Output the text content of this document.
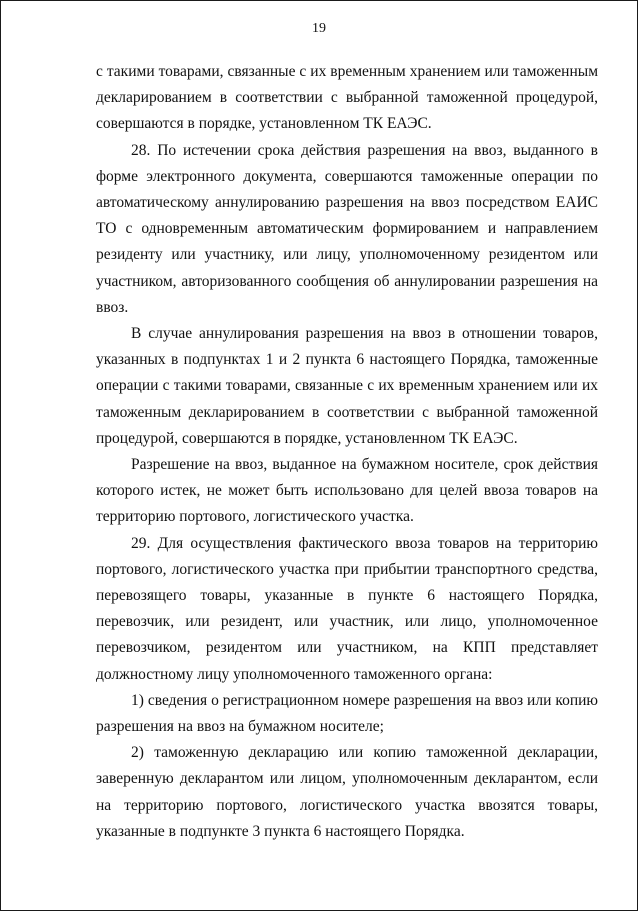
19

с такими товарами, связанные с их временным хранением или таможенным декларированием в соответствии с выбранной таможенной процедурой, совершаются в порядке, установленном ТК ЕАЭС.

28. По истечении срока действия разрешения на ввоз, выданного в форме электронного документа, совершаются таможенные операции по автоматическому аннулированию разрешения на ввоз посредством ЕАИС ТО с одновременным автоматическим формированием и направлением резиденту или участнику, или лицу, уполномоченному резидентом или участником, авторизованного сообщения об аннулировании разрешения на ввоз.

В случае аннулирования разрешения на ввоз в отношении товаров, указанных в подпунктах 1 и 2 пункта 6 настоящего Порядка, таможенные операции с такими товарами, связанные с их временным хранением или их таможенным декларированием в соответствии с выбранной таможенной процедурой, совершаются в порядке, установленном ТК ЕАЭС.

Разрешение на ввоз, выданное на бумажном носителе, срок действия которого истек, не может быть использовано для целей ввоза товаров на территорию портового, логистического участка.

29. Для осуществления фактического ввоза товаров на территорию портового, логистического участка при прибытии транспортного средства, перевозящего товары, указанные в пункте 6 настоящего Порядка, перевозчик, или резидент, или участник, или лицо, уполномоченное перевозчиком, резидентом или участником, на КПП представляет должностному лицу уполномоченного таможенного органа:

1) сведения о регистрационном номере разрешения на ввоз или копию разрешения на ввоз на бумажном носителе;

2) таможенную декларацию или копию таможенной декларации, заверенную декларантом или лицом, уполномоченным декларантом, если на территорию портового, логистического участка ввозятся товары, указанные в подпункте 3 пункта 6 настоящего Порядка.
